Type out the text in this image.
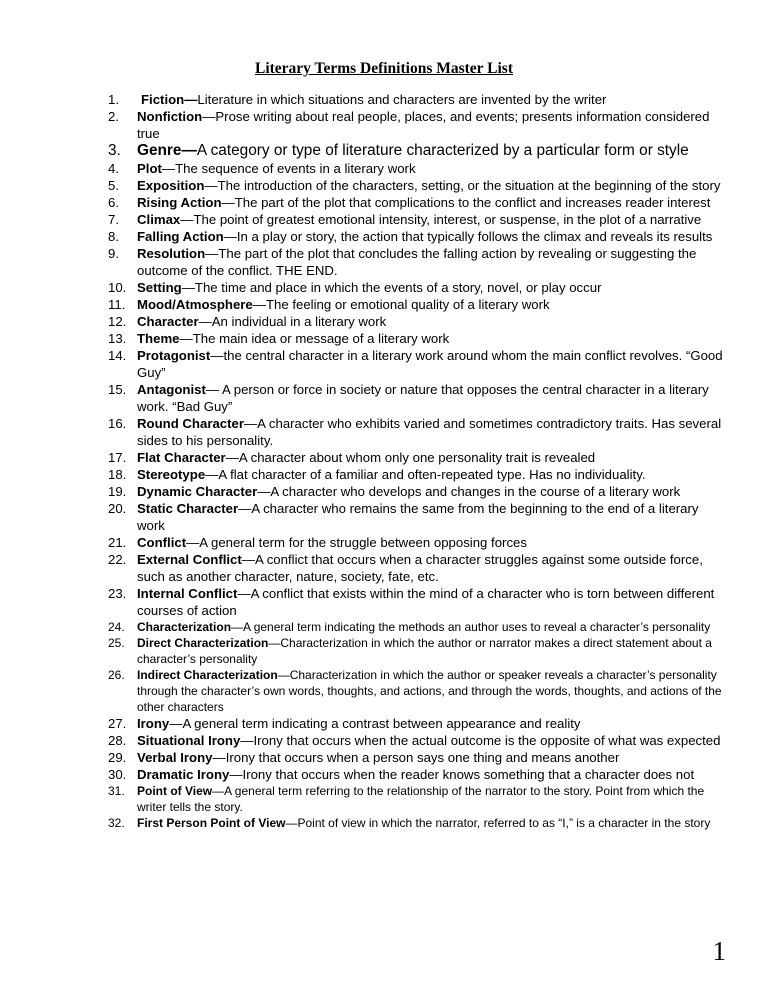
Literary Terms Definitions Master List
1. Fiction—Literature in which situations and characters are invented by the writer
2. Nonfiction—Prose writing about real people, places, and events; presents information considered true
3. Genre—A category or type of literature characterized by a particular form or style
4. Plot—The sequence of events in a literary work
5. Exposition—The introduction of the characters, setting, or the situation at the beginning of the story
6. Rising Action—The part of the plot that complications to the conflict and increases reader interest
7. Climax—The point of greatest emotional intensity, interest, or suspense, in the plot of a narrative
8. Falling Action—In a play or story, the action that typically follows the climax and reveals its results
9. Resolution—The part of the plot that concludes the falling action by revealing or suggesting the outcome of the conflict. THE END.
10. Setting—The time and place in which the events of a story, novel, or play occur
11. Mood/Atmosphere—The feeling or emotional quality of a literary work
12. Character—An individual in a literary work
13. Theme—The main idea or message of a literary work
14. Protagonist—the central character in a literary work around whom the main conflict revolves. “Good Guy”
15. Antagonist— A person or force in society or nature that opposes the central character in a literary work. “Bad Guy”
16. Round Character—A character who exhibits varied and sometimes contradictory traits. Has several sides to his personality.
17. Flat Character—A character about whom only one personality trait is revealed
18. Stereotype—A flat character of a familiar and often-repeated type. Has no individuality.
19. Dynamic Character—A character who develops and changes in the course of a literary work
20. Static Character—A character who remains the same from the beginning to the end of a literary work
21. Conflict—A general term for the struggle between opposing forces
22. External Conflict—A conflict that occurs when a character struggles against some outside force, such as another character, nature, society, fate, etc.
23. Internal Conflict—A conflict that exists within the mind of a character who is torn between different courses of action
24. Characterization—A general term indicating the methods an author uses to reveal a character’s personality
25. Direct Characterization—Characterization in which the author or narrator makes a direct statement about a character’s personality
26. Indirect Characterization—Characterization in which the author or speaker reveals a character’s personality through the character’s own words, thoughts, and actions, and through the words, thoughts, and actions of the other characters
27. Irony—A general term indicating a contrast between appearance and reality
28. Situational Irony—Irony that occurs when the actual outcome is the opposite of what was expected
29. Verbal Irony—Irony that occurs when a person says one thing and means another
30. Dramatic Irony—Irony that occurs when the reader knows something that a character does not
31. Point of View—A general term referring to the relationship of the narrator to the story. Point from which the writer tells the story.
32. First Person Point of View—Point of view in which the narrator, referred to as “I,” is a character in the story
1
